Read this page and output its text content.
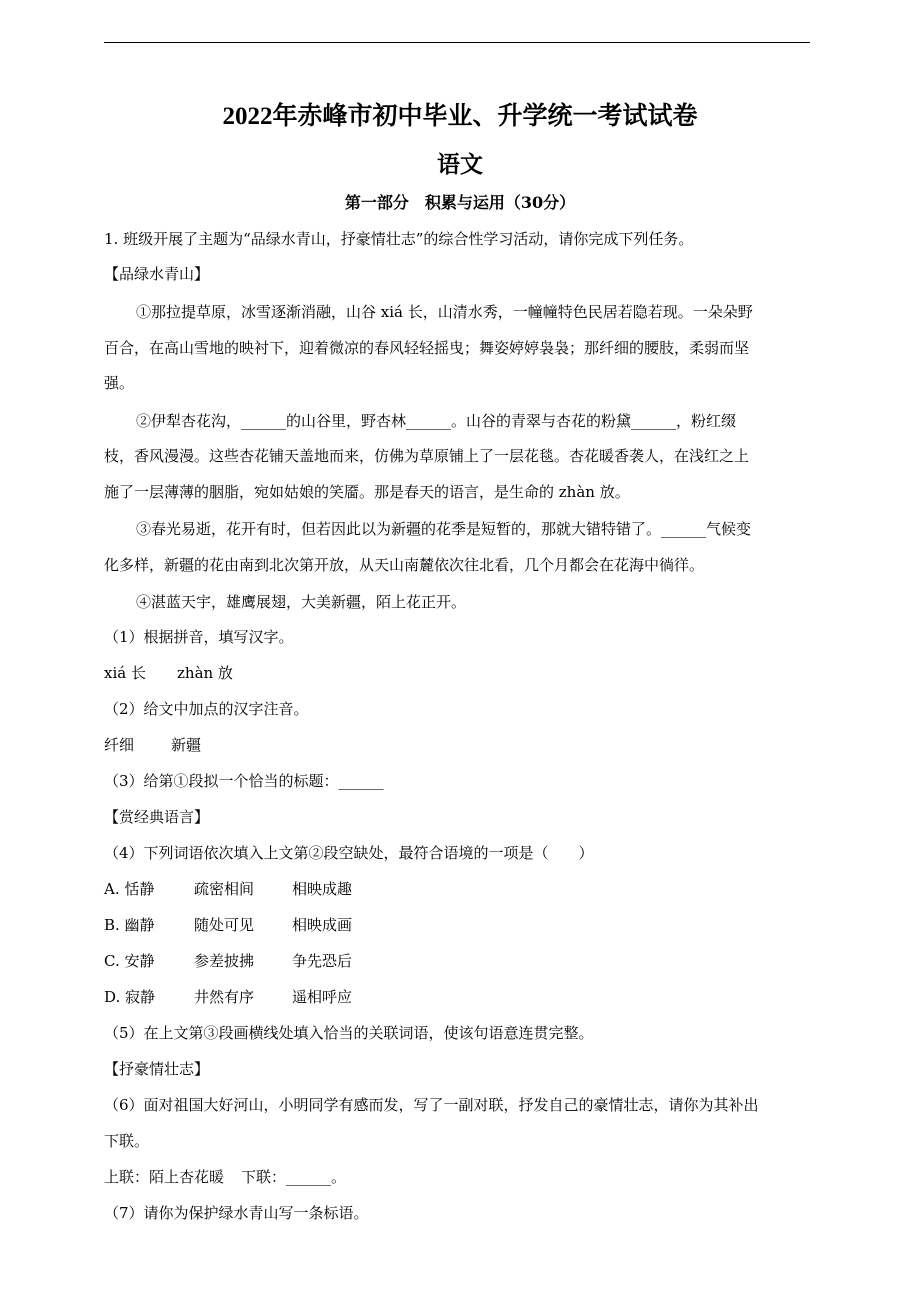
2022年赤峰市初中毕业、升学统一考试试卷
语文
第一部分　积累与运用（30分）
1. 班级开展了主题为“品绿水青山，抒豪情壮志”的综合性学习活动，请你完成下列任务。
【品绿水青山】
①那拉提草原，冰雪逐渐消融，山谷 xiá 长，山清水秀，一幢幢特色民居若隐若现。一朵朵野
百合，在高山雪地的映衬下，迎着微凉的春风轻轻摇曳；舞姿婷婷袅袅；那纤细的腰肢，柔弱而坚
强。
②伊犁杏花沟，______的山谷里，野杏林______。山谷的青翠与杏花的粉黛______，粉红缀
枝，香风漫漫。这些杏花铺天盖地而来，仿佛为草原铺上了一层花毯。杏花暖香袭人，在浅红之上
施了一层薄薄的胭脂，宛如姑娘的笑靥。那是春天的语言，是生命的 zhàn 放。
③春光易逝，花开有时，但若因此以为新疆的花季是短暂的，那就大错特错了。______气候变
化多样，新疆的花由南到北次第开放，从天山南麓依次往北看，几个月都会在花海中徜徉。
④湛蓝天宇，雄鹰展翅，大美新疆，陌上花正开。
（1）根据拼音，填写汉字。
xiá 长 zhàn 放
（2）给文中加点的汉字注音。
纤细 新疆
（3）给第①段拟一个恰当的标题：______
【赏经典语言】
（4）下列词语依次填入上文第②段空缺处，最符合语境的一项是（　　）
A. 恬静	疏密相间	相映成趣
B. 幽静	随处可见	相映成画
C. 安静	参差披拂	争先恐后
D. 寂静	井然有序	遥相呼应
（5）在上文第③段画横线处填入恰当的关联词语，使该句语意连贯完整。
【抒豪情壮志】
（6）面对祖国大好河山，小明同学有感而发，写了一副对联，抒发自己的豪情壮志，请你为其补出
下联。
上联：陌上杏花暖 下联：______。
（7）请你为保护绿水青山写一条标语。
